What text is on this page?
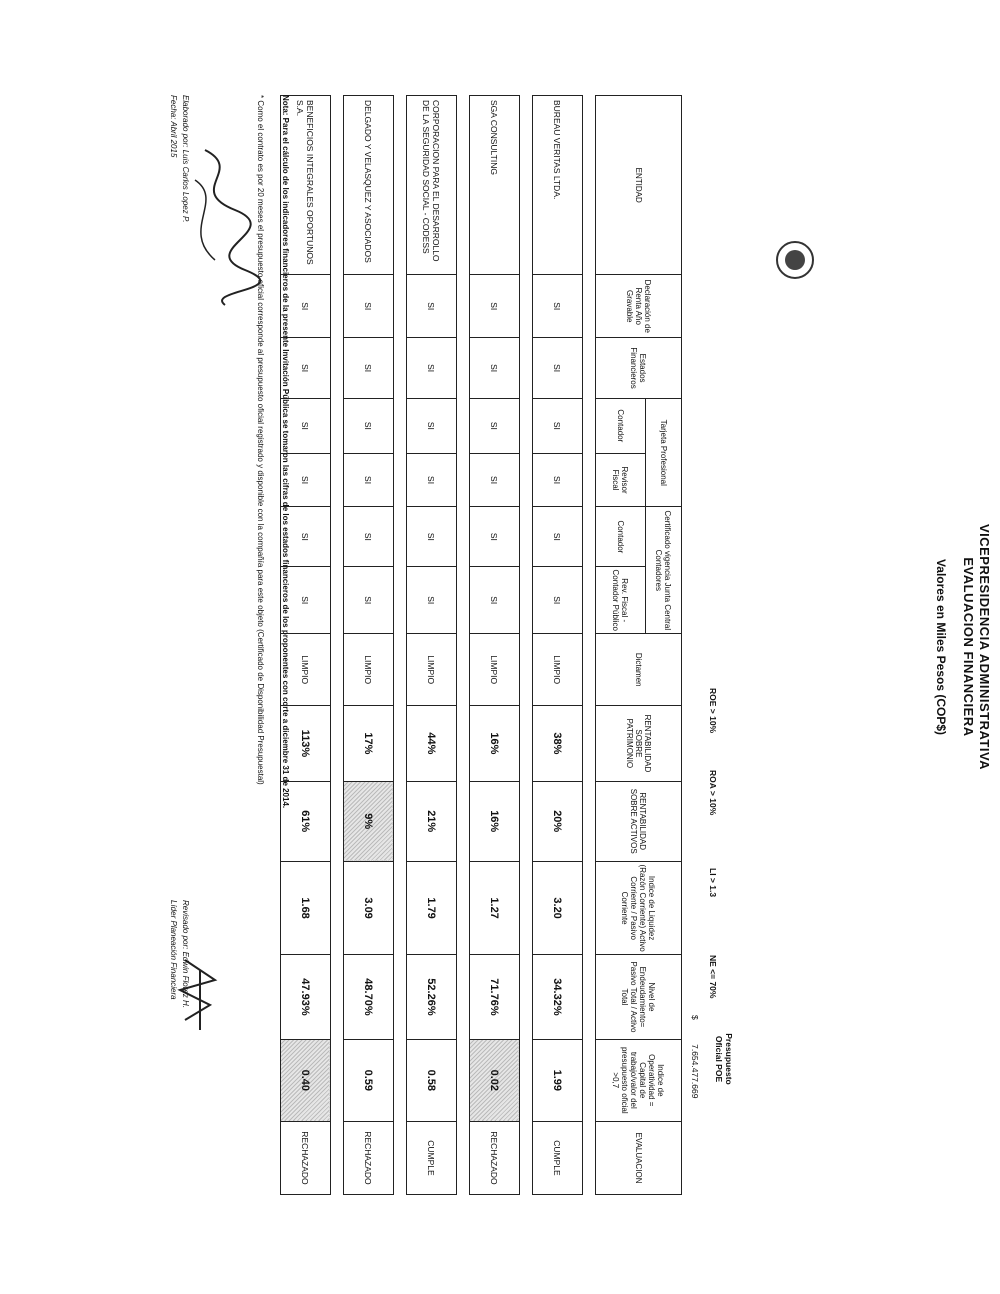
VICEPRESIDENCIA ADMINISTRATIVA
EVALUACION FINANCIERA
Valores en Miles Pesos (COP$)
ROE > 10%
ROA > 10%
LI > 1.3
NE <= 70%
Presupuesto Oficial POE
$ 7.654.477.669
ENTIDAD	Declaración de Renta Año Gravable	Estados Financieros	Tarjeta Profesional		Certificado vigencia Junta Central Contadores		Dictamen	RENTABILIDAD SOBRE PATRIMONIO	RENTABILIDAD SOBRE ACTIVOS	Indice de Liquidez (Razón Corriente) Activo Corriente / Pasivo Corriente	Nivel de Endeudamiento= Pasivo Total / Activo Total	Indice de Operatividad = Capital de trabajo/valor del presupuesto oficial >0,7	EVALUACION
			Contador	Revisor Fiscal	Contador	Rev. Fiscal - Contador Público							

BUREAU VERITAS LTDA.	SI	SI	SI	SI	SI	SI	LIMPIO	38%	20%	3.20	34.32%	1.99	CUMPLE

SGA CONSULTING	SI	SI	SI	SI	SI	SI	LIMPIO	16%	16%	1.27	71.76%	0.02	RECHAZADO

CORPORACION PARA EL DESARROLLO DE LA SEGURIDAD SOCIAL - CODESS	SI	SI	SI	SI	SI	SI	LIMPIO	44%	21%	1.79	52.26%	0.58	CUMPLE

DELGADO Y VELASQUEZ Y ASOCIADOS	SI	SI	SI	SI	SI	SI	LIMPIO	17%	9%	3.09	48.70%	0.59	RECHAZADO

BENEFICIOS INTEGRALES OPORTUNOS S.A.	SI	SI	SI	SI	SI	SI	LIMPIO	113%	61%	1.68	47.93%	0.40	RECHAZADO
Nota: Para el cálculo de los indicadores financieros de la presente Invitación Pública se tomaron las cifras de los estados financieros de los proponentes con corte a diciembre 31 de 2014.
* Como el contrato es por 20 meses el presupuesto oficial corresponde al presupuesto oficial registrado y disponible con la compañía para este objeto (Certificado de Disponibilidad Presupuestal)
Elaborado por: Luis Carlos Lopez P.
Fecha: Abril 2015
Revisado por: Edwin Florez H.
Líder Planeación Financiera
